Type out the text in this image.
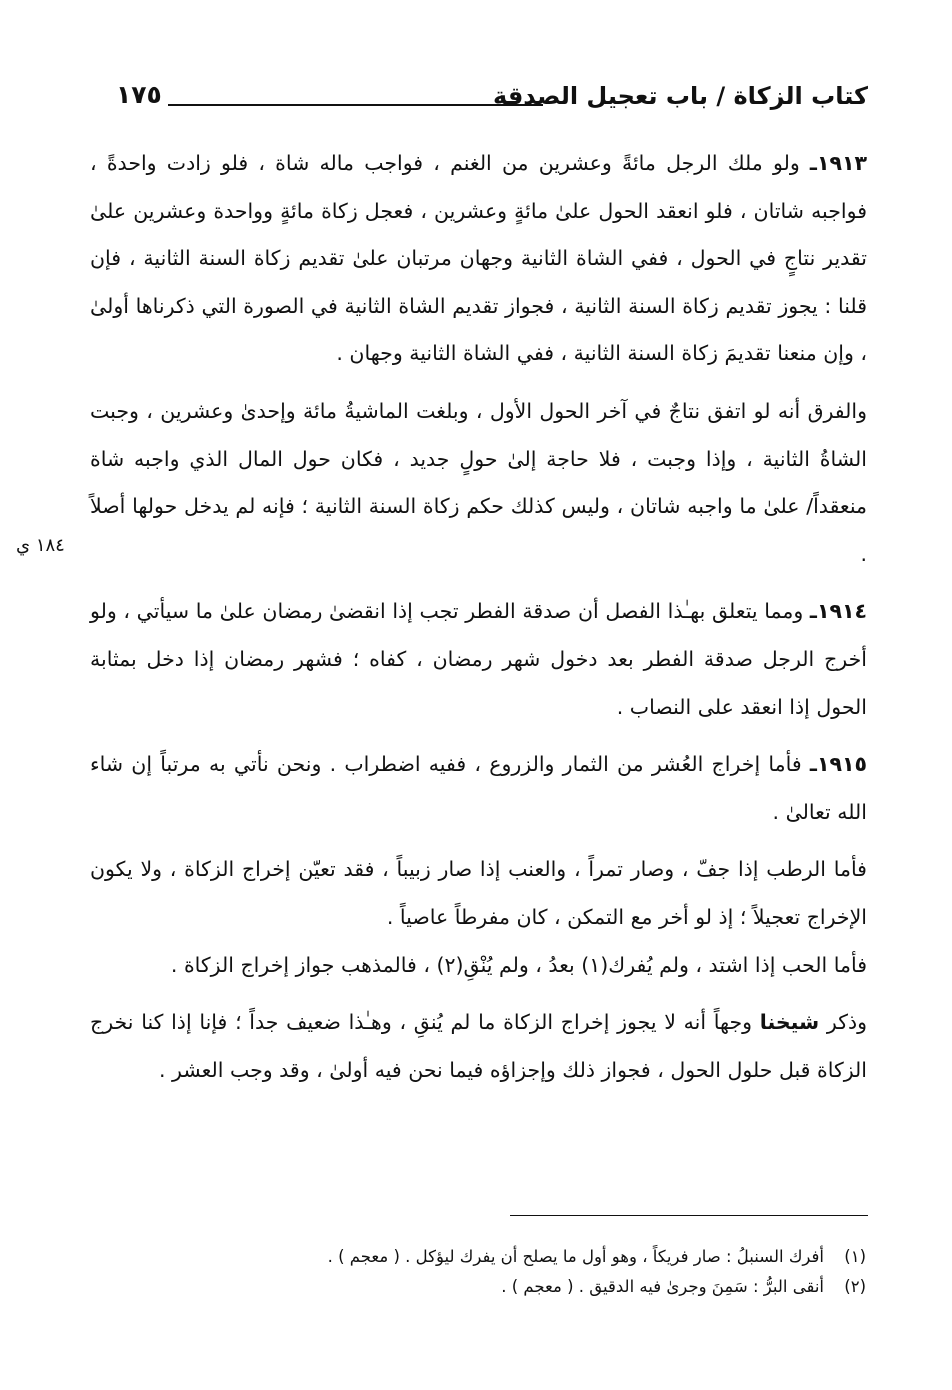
كتاب الزكاة / باب تعجيل الصدقة
١٧٥
١٨٤ ي

١٩١٣ـ ولو ملك الرجل مائةً وعشرين من الغنم ، فواجب ماله شاة ، فلو زادت واحدةً ، فواجبه شاتان ، فلو انعقد الحول علىٰ مائةٍ وعشرين ، فعجل زكاة مائةٍ وواحدة وعشرين علىٰ تقدير نتاجٍ في الحول ، ففي الشاة الثانية وجهان مرتبان علىٰ تقديم زكاة السنة الثانية ، فإن قلنا : يجوز تقديم زكاة السنة الثانية ، فجواز تقديم الشاة الثانية في الصورة التي ذكرناها أولىٰ ، وإن منعنا تقديمَ زكاة السنة الثانية ، ففي الشاة الثانية وجهان .

والفرق أنه لو اتفق نتاجٌ في آخر الحول الأول ، وبلغت الماشيةُ مائة وإحدىٰ وعشرين ، وجبت الشاةُ الثانية ، وإذا وجبت ، فلا حاجة إلىٰ حولٍ جديد ، فكان حول المال الذي واجبه شاة منعقداً/ علىٰ ما واجبه شاتان ، وليس كذلك حكم زكاة السنة الثانية ؛ فإنه لم يدخل حولها أصلاً .

١٩١٤ـ ومما يتعلق بهـٰذا الفصل أن صدقة الفطر تجب إذا انقضىٰ رمضان علىٰ ما سيأتي ، ولو أخرج الرجل صدقة الفطر بعد دخول شهر رمضان ، كفاه ؛ فشهر رمضان إذا دخل بمثابة الحول إذا انعقد على النصاب .

١٩١٥ـ فأما إخراج العُشر من الثمار والزروع ، ففيه اضطراب . ونحن نأتي به مرتباً إن شاء الله تعالىٰ .

فأما الرطب إذا جفّ ، وصار تمراً ، والعنب إذا صار زبيباً ، فقد تعيّن إخراج الزكاة ، ولا يكون الإخراج تعجيلاً ؛ إذ لو أخر مع التمكن ، كان مفرطاً عاصياً .

فأما الحب إذا اشتد ، ولم يُفرك(١) بعدُ ، ولم يُنْقِ(٢) ، فالمذهب جواز إخراج الزكاة .

وذكر شيخنا وجهاً أنه لا يجوز إخراج الزكاة ما لم يُنقِ ، وهـٰذا ضعيف جداً ؛ فإنا إذا كنا نخرج الزكاة قبل حلول الحول ، فجواز ذلك وإجزاؤه فيما نحن فيه أولىٰ ، وقد وجب العشر .

(١)أفرك السنبلُ : صار فريكاً ، وهو أول ما يصلح أن يفرك ليؤكل . ( معجم ) .
(٢)أنقى البرُّ : سَمِنَ وجرىٰ فيه الدقيق . ( معجم ) .
